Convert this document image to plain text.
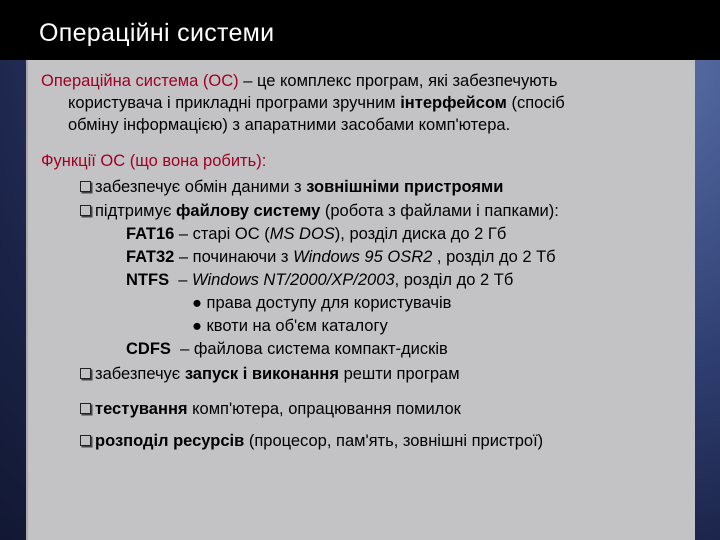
Операційні системи
Операційна система (ОС) – це комплекс програм, які забезпечують
користувача і прикладні програми зручним інтерфейсом (спосіб
обміну інформацією) з апаратними засобами комп'ютера.
Функції ОС (що вона робить):
забезпечує обмін даними з зовнішніми пристроями
підтримує файлову систему (робота з файлами і папками):
FAT16 – старі ОС (MS DOS), розділ диска до 2 Гб
FAT32 – починаючи з Windows 95 OSR2 , розділ до 2 Тб
NTFS  – Windows NT/2000/XP/2003, розділ до 2 Тб
● права доступу для користувачів
● квоти на об'єм каталогу
CDFS  – файлова система компакт-дисків
забезпечує запуск і виконання решти програм
тестування комп'ютера, опрацювання помилок
розподіл ресурсів (процесор, пам'ять, зовнішні пристрої)
